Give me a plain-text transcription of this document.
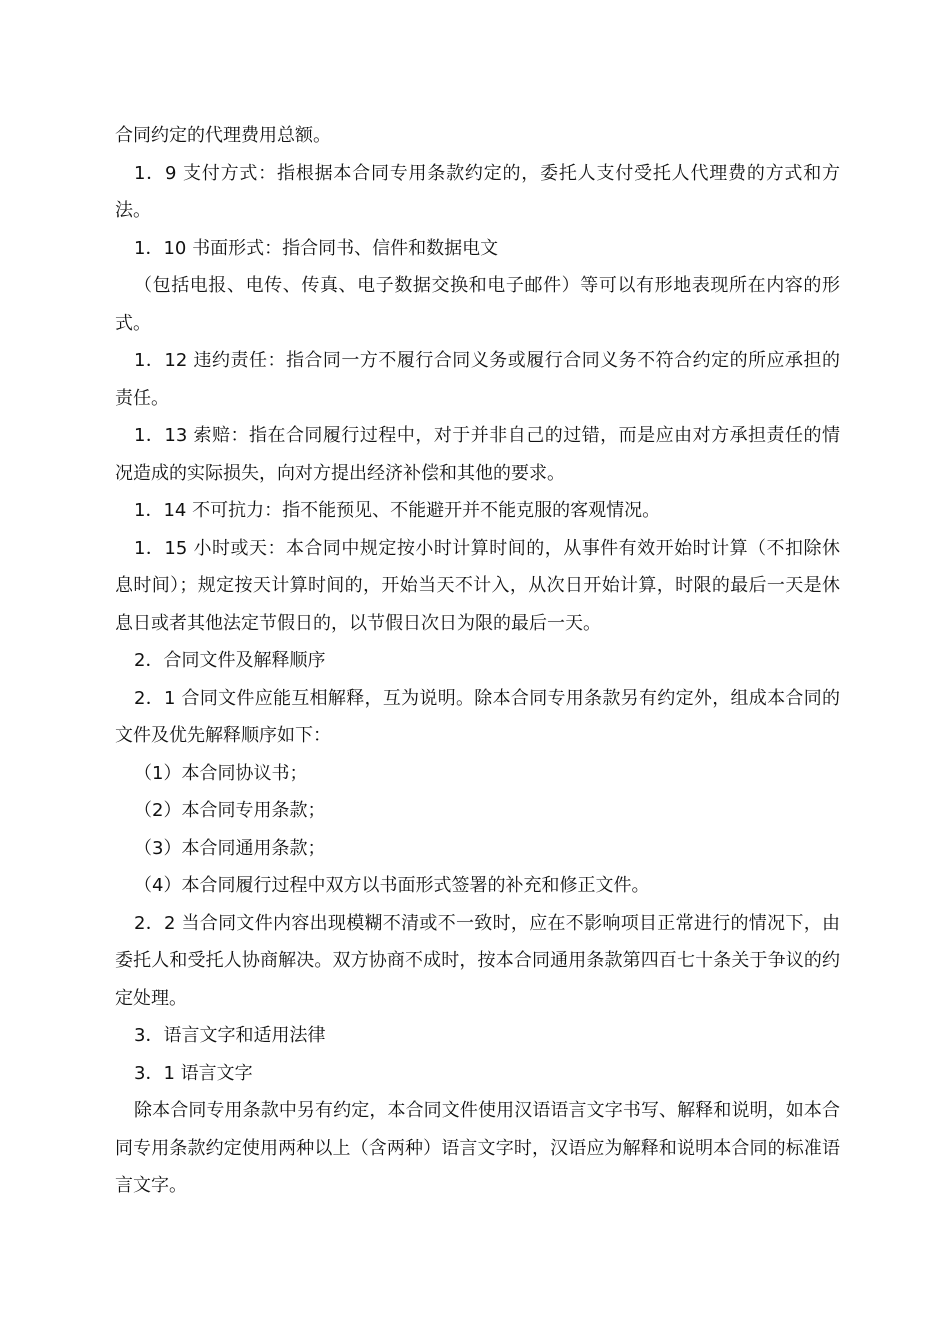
合同约定的代理费用总额。

1．9 支付方式：指根据本合同专用条款约定的，委托人支付受托人代理费的方式和方法。

1．10 书面形式：指合同书、信件和数据电文

（包括电报、电传、传真、电子数据交换和电子邮件）等可以有形地表现所在内容的形式。

1．12 违约责任：指合同一方不履行合同义务或履行合同义务不符合约定的所应承担的责任。

1．13 索赔：指在合同履行过程中，对于并非自己的过错，而是应由对方承担责任的情况造成的实际损失，向对方提出经济补偿和其他的要求。

1．14 不可抗力：指不能预见、不能避开并不能克服的客观情况。

1．15 小时或天：本合同中规定按小时计算时间的，从事件有效开始时计算（不扣除休息时间）；规定按天计算时间的，开始当天不计入，从次日开始计算，时限的最后一天是休息日或者其他法定节假日的，以节假日次日为限的最后一天。

2．合同文件及解释顺序

2．1 合同文件应能互相解释，互为说明。除本合同专用条款另有约定外，组成本合同的文件及优先解释顺序如下：

（1）本合同协议书；

（2）本合同专用条款；

（3）本合同通用条款；

（4）本合同履行过程中双方以书面形式签署的补充和修正文件。

2．2 当合同文件内容出现模糊不清或不一致时，应在不影响项目正常进行的情况下，由委托人和受托人协商解决。双方协商不成时，按本合同通用条款第四百七十条关于争议的约定处理。

3．语言文字和适用法律

3．1 语言文字

除本合同专用条款中另有约定，本合同文件使用汉语语言文字书写、解释和说明，如本合同专用条款约定使用两种以上（含两种）语言文字时，汉语应为解释和说明本合同的标准语言文字。
